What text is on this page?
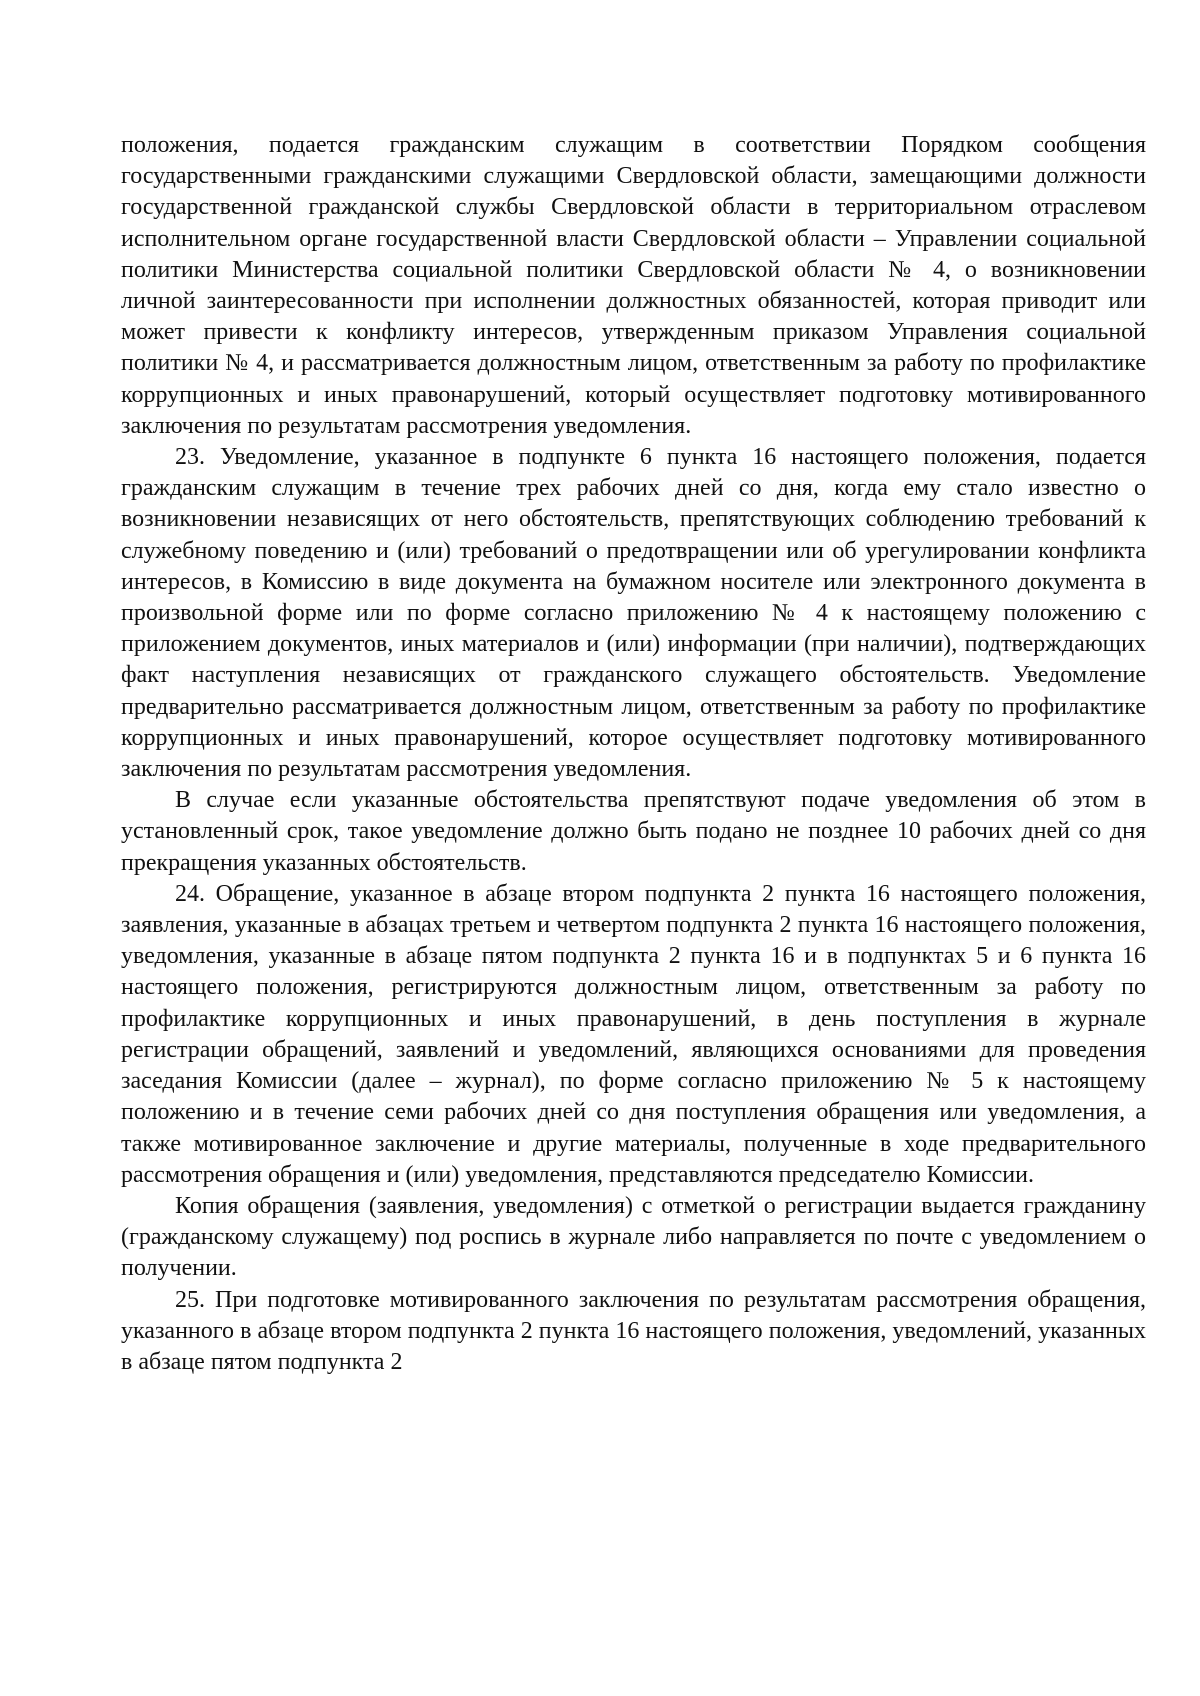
положения, подается гражданским служащим в соответствии Порядком сообщения государственными гражданскими служащими Свердловской области, замещающими должности государственной гражданской службы Свердловской области в территориальном отраслевом исполнительном органе государственной власти Свердловской области – Управлении социальной политики Министерства социальной политики Свердловской области № 4, о возникновении личной заинтересованности при исполнении должностных обязанностей, которая приводит или может привести к конфликту интересов, утвержденным приказом Управления социальной политики № 4, и рассматривается должностным лицом, ответственным за работу по профилактике коррупционных и иных правонарушений, который осуществляет подготовку мотивированного заключения по результатам рассмотрения уведомления.

23. Уведомление, указанное в подпункте 6 пункта 16 настоящего положения, подается гражданским служащим в течение трех рабочих дней со дня, когда ему стало известно о возникновении независящих от него обстоятельств, препятствующих соблюдению требований к служебному поведению и (или) требований о предотвращении или об урегулировании конфликта интересов, в Комиссию в виде документа на бумажном носителе или электронного документа в произвольной форме или по форме согласно приложению № 4 к настоящему положению с приложением документов, иных материалов и (или) информации (при наличии), подтверждающих факт наступления независящих от гражданского служащего обстоятельств. Уведомление предварительно рассматривается должностным лицом, ответственным за работу по профилактике коррупционных и иных правонарушений, которое осуществляет подготовку мотивированного заключения по результатам рассмотрения уведомления.

В случае если указанные обстоятельства препятствуют подаче уведомления об этом в установленный срок, такое уведомление должно быть подано не позднее 10 рабочих дней со дня прекращения указанных обстоятельств.

24. Обращение, указанное в абзаце втором подпункта 2 пункта 16 настоящего положения, заявления, указанные в абзацах третьем и четвертом подпункта 2 пункта 16 настоящего положения, уведомления, указанные в абзаце пятом подпункта 2 пункта 16 и в подпунктах 5 и 6 пункта 16 настоящего положения, регистрируются должностным лицом, ответственным за работу по профилактике коррупционных и иных правонарушений, в день поступления в журнале регистрации обращений, заявлений и уведомлений, являющихся основаниями для проведения заседания Комиссии (далее – журнал), по форме согласно приложению № 5 к настоящему положению и в течение семи рабочих дней со дня поступления обращения или уведомления, а также мотивированное заключение и другие материалы, полученные в ходе предварительного рассмотрения обращения и (или) уведомления, представляются председателю Комиссии.

Копия обращения (заявления, уведомления) с отметкой о регистрации выдается гражданину (гражданскому служащему) под роспись в журнале либо направляется по почте с уведомлением о получении.

25. При подготовке мотивированного заключения по результатам рассмотрения обращения, указанного в абзаце втором подпункта 2 пункта 16 настоящего положения, уведомлений, указанных в абзаце пятом подпункта 2
